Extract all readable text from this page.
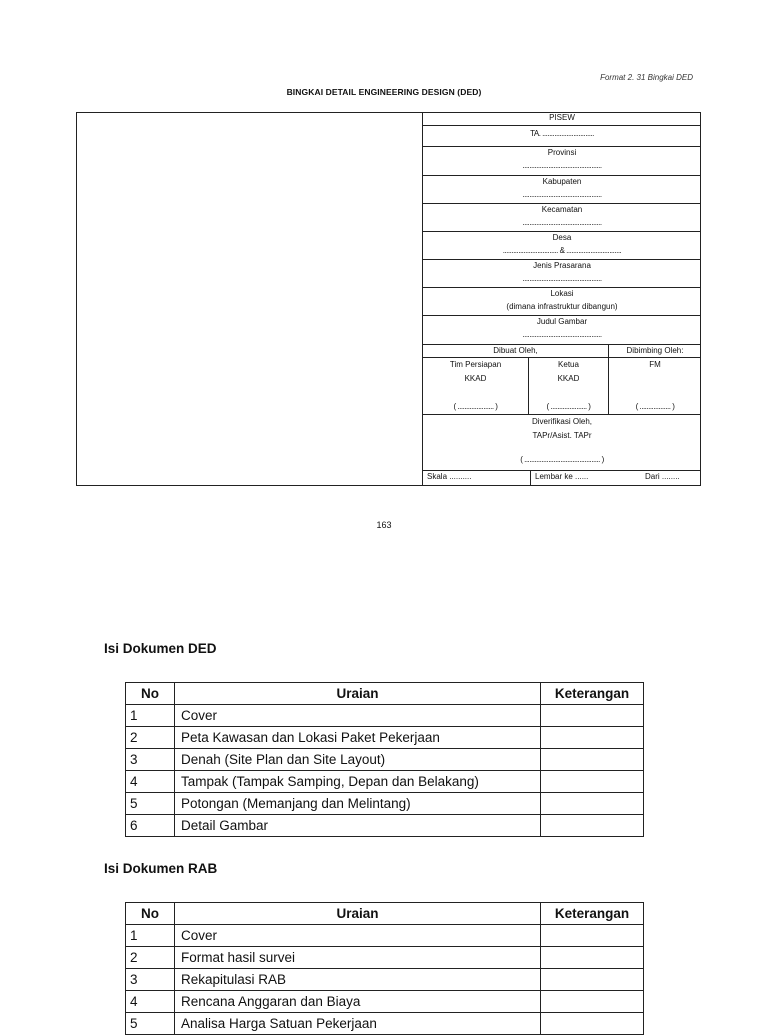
Format 2. 31 Bingkai DED
BINGKAI DETAIL ENGINEERING DESIGN (DED)
PISEW
TA. ..............................
Provinsi
..............................................
Kabupaten
..............................................
Kecamatan
..............................................
Desa
................................ & ................................
Jenis Prasarana
..............................................
Lokasi
(dimana infrastruktur dibangun)
Judul Gambar
..............................................
Dibuat Oleh,	Dibimbing Oleh:
Tim Persiapan
KKAD
( ..................... )
Ketua
KKAD
( ..................... )
FM

( .................. )
Diverifikasi Oleh,
TAPr/Asist. TAPr
( ............................................ )
Skala ..........	Lembar ke ......	Dari ........
163
Isi Dokumen DED
No	Uraian	Keterangan
1	Cover	
2	Peta Kawasan dan Lokasi Paket Pekerjaan	
3	Denah (Site Plan dan Site Layout)	
4	Tampak (Tampak Samping, Depan dan Belakang)	
5	Potongan (Memanjang dan Melintang)	
6	Detail Gambar	
Isi Dokumen RAB
No	Uraian	Keterangan
1	Cover	
2	Format hasil survei	
3	Rekapitulasi RAB	
4	Rencana Anggaran dan Biaya	
5	Analisa Harga Satuan Pekerjaan	
